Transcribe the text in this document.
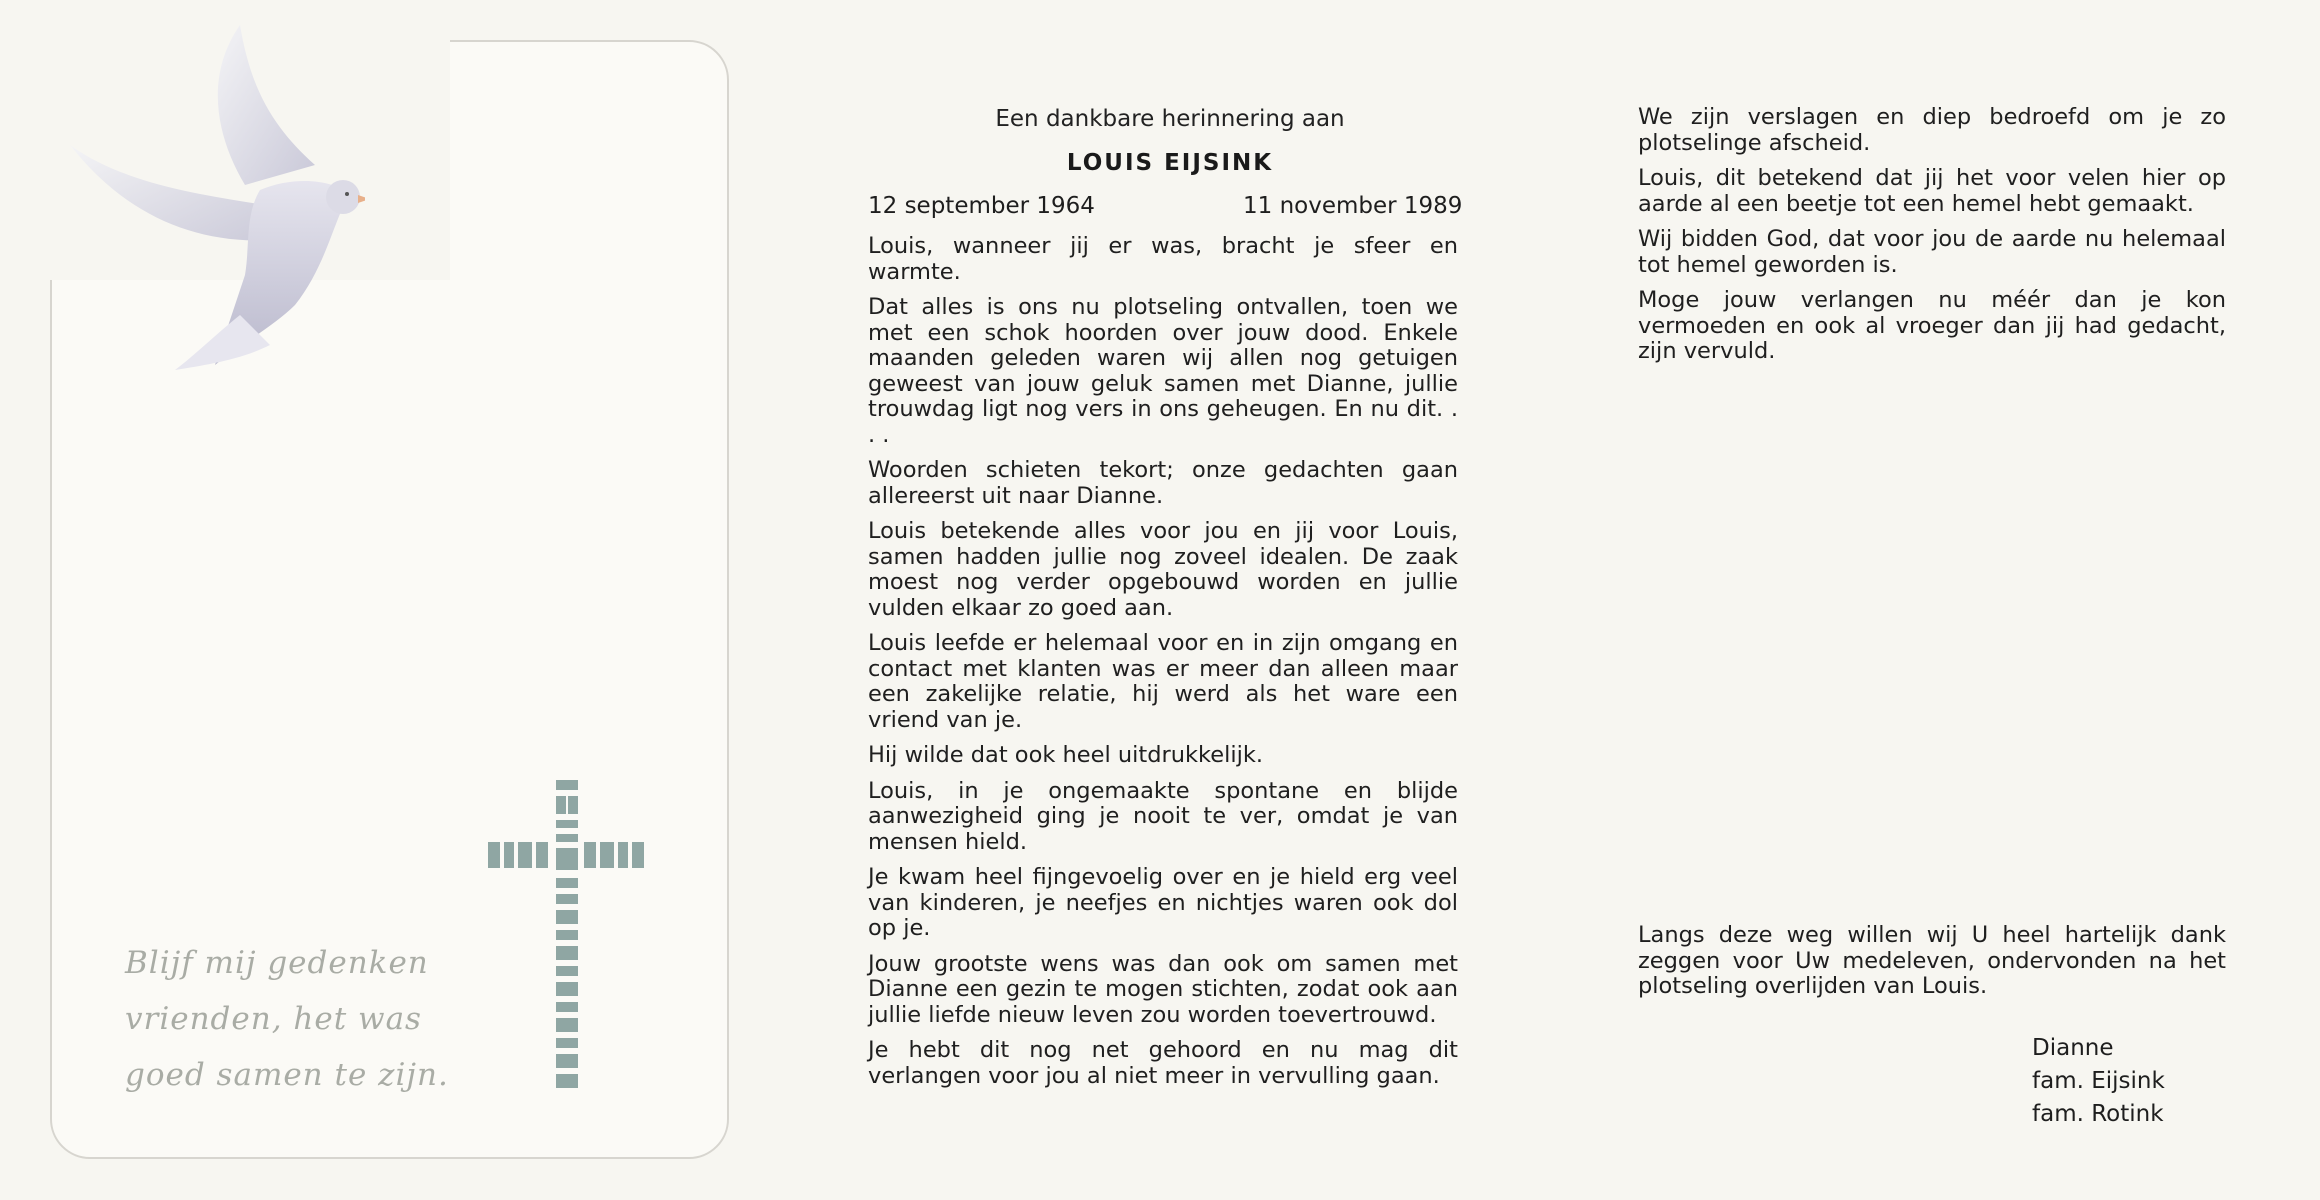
Blijf mij gedenken
vrienden, het was
goed samen te zijn.
Een dankbare herinnering aan
LOUIS EIJSINK
12 september 1964	11 november 1989

Louis, wanneer jij er was, bracht je sfeer en warmte.

Dat alles is ons nu plotseling ontvallen, toen we met een schok hoorden over jouw dood. Enkele maanden geleden waren wij allen nog getuigen geweest van jouw geluk samen met Dianne, jullie trouwdag ligt nog vers in ons geheugen. En nu dit. . . .

Woorden schieten tekort; onze gedachten gaan allereerst uit naar Dianne.

Louis betekende alles voor jou en jij voor Louis, samen hadden jullie nog zoveel idealen. De zaak moest nog verder opgebouwd worden en jullie vulden elkaar zo goed aan.

Louis leefde er helemaal voor en in zijn omgang en contact met klanten was er meer dan alleen maar een zakelijke relatie, hij werd als het ware een vriend van je.

Hij wilde dat ook heel uitdrukkelijk.

Louis, in je ongemaakte spontane en blijde aanwezigheid ging je nooit te ver, omdat je van mensen hield.

Je kwam heel fijngevoelig over en je hield erg veel van kinderen, je neefjes en nichtjes waren ook dol op je.

Jouw grootste wens was dan ook om samen met Dianne een gezin te mogen stichten, zodat ook aan jullie liefde nieuw leven zou worden toevertrouwd.

Je hebt dit nog net gehoord en nu mag dit verlangen voor jou al niet meer in vervulling gaan.

We zijn verslagen en diep bedroefd om je zo plotselinge afscheid.

Louis, dit betekend dat jij het voor velen hier op aarde al een beetje tot een hemel hebt gemaakt.

Wij bidden God, dat voor jou de aarde nu helemaal tot hemel geworden is.

Moge jouw verlangen nu méér dan je kon vermoeden en ook al vroeger dan jij had gedacht, zijn vervuld.

Langs deze weg willen wij U heel hartelijk dank zeggen voor Uw medeleven, ondervonden na het plotseling overlijden van Louis.
Dianne
fam. Eijsink
fam. Rotink
